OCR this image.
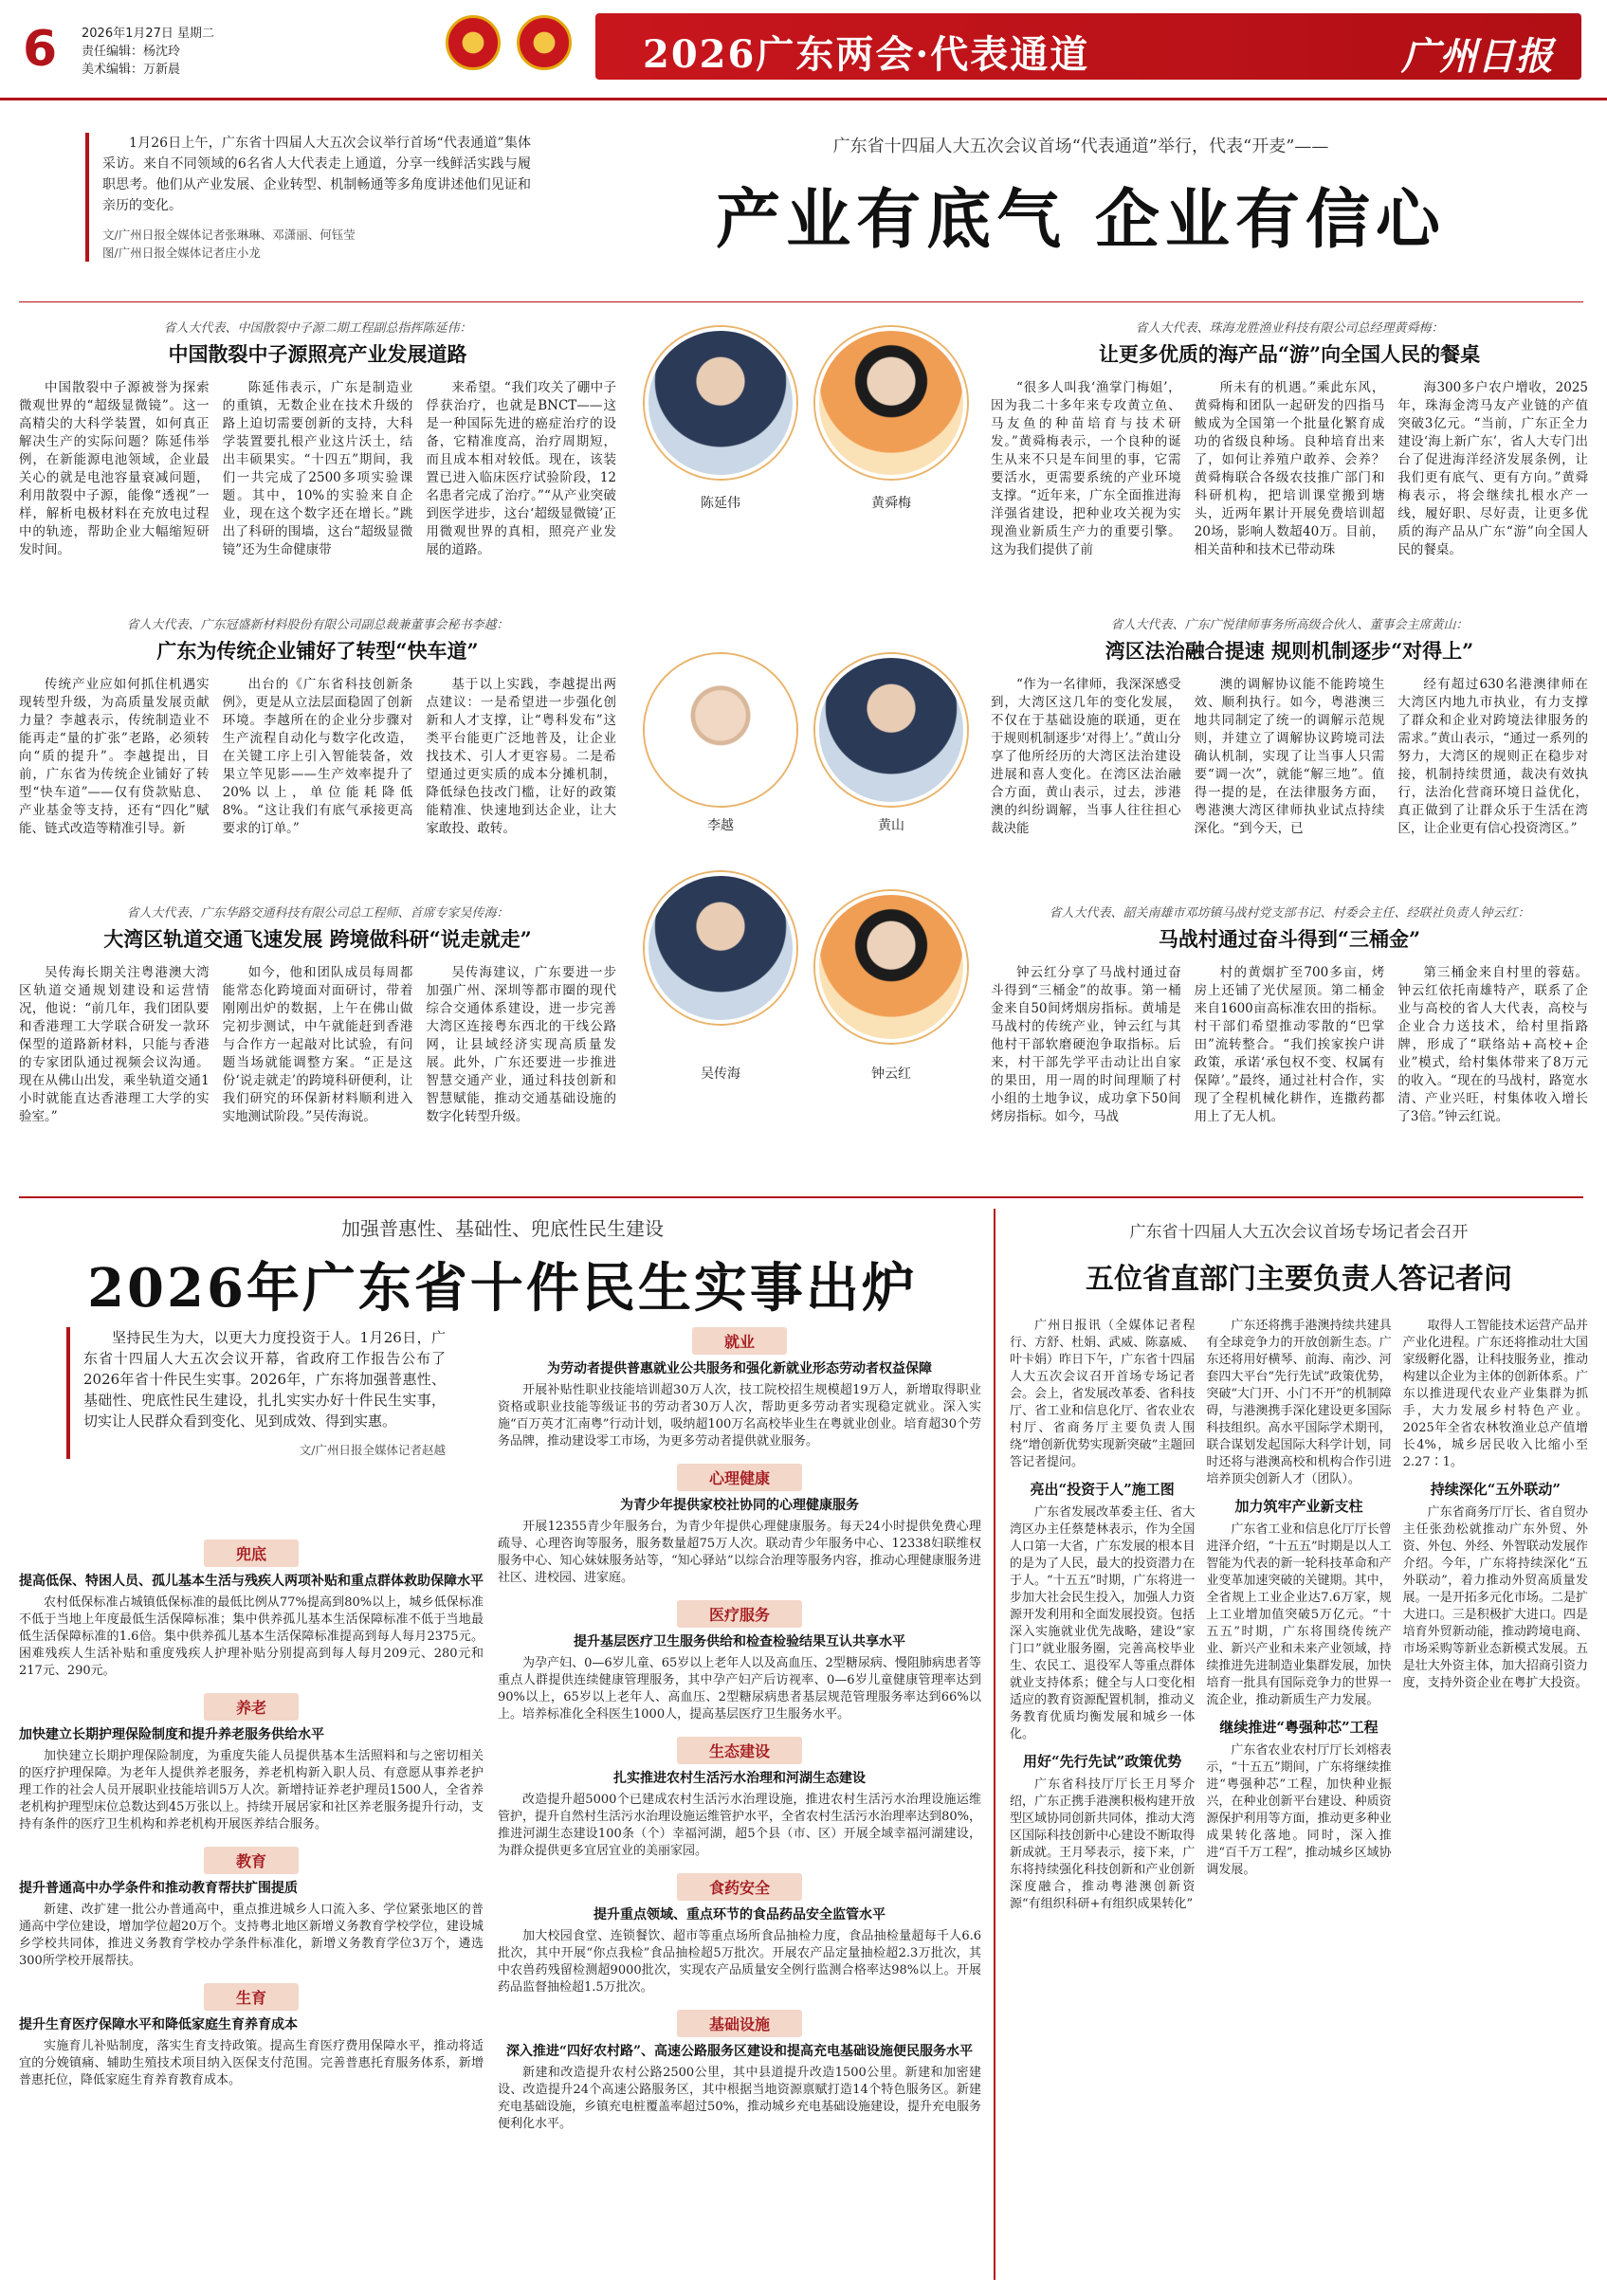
6 2026年1月27日 星期二
责任编辑：杨沈玲
美术编辑：万新晨	2026广东两会·代表通道	广州日报
1月26日上午，广东省十四届人大五次会议举行首场“代表通道”集体采访。来自不同领域的6名省人大代表走上通道，分享一线鲜活实践与履职思考。他们从产业发展、企业转型、机制畅通等多角度讲述他们见证和亲历的变化。
文/广州日报全媒体记者张琳琳、邓潇丽、何钰莹
图/广州日报全媒体记者庄小龙
广东省十四届人大五次会议首场“代表通道”举行，代表“开麦”——
产业有底气 企业有信心
陈延伟	黄舜梅
李越	黄山
吴传海	钟云红
省人大代表、中国散裂中子源二期工程副总指挥陈延伟：
中国散裂中子源照亮产业发展道路

中国散裂中子源被誉为探索微观世界的“超级显微镜”。这一高精尖的大科学装置，如何真正解决生产的实际问题？陈延伟举例，在新能源电池领域，企业最关心的就是电池容量衰减问题，利用散裂中子源，能像“透视”一样，解析电极材料在充放电过程中的轨迹，帮助企业大幅缩短研发时间。

陈延伟表示，广东是制造业的重镇，无数企业在技术升级的路上迫切需要创新的支持，大科学装置要扎根产业这片沃土，结出丰硕果实。“十四五”期间，我们一共完成了2500多项实验课题。其中，10%的实验来自企业，现在这个数字还在增长。”跳出了科研的围墙，这台“超级显微镜”还为生命健康带

来希望。“我们攻关了硼中子俘获治疗，也就是BNCT——这是一种国际先进的癌症治疗的设备，它精准度高，治疗周期短，而且成本相对较低。现在，该装置已进入临床医疗试验阶段，12名患者完成了治疗。”“从产业突破到医学进步，这台‘超级显微镜’正用微观世界的真相，照亮产业发展的道路。

省人大代表、珠海龙胜渔业科技有限公司总经理黄舜梅：
让更多优质的海产品“游”向全国人民的餐桌

“很多人叫我‘渔掌门梅姐’，因为我二十多年来专攻黄立鱼、马友鱼的种苗培育与技术研发。”黄舜梅表示，一个良种的诞生从来不只是车间里的事，它需要活水，更需要系统的产业环境支撑。“近年来，广东全面推进海洋强省建设，把种业攻关视为实现渔业新质生产力的重要引擎。这为我们提供了前

所未有的机遇。”乘此东风，黄舜梅和团队一起研发的四指马鲅成为全国第一个批量化繁育成功的省级良种场。良种培育出来了，如何让养殖户敢养、会养？黄舜梅联合各级农技推广部门和科研机构，把培训课堂搬到塘头，近两年累计开展免费培训超20场，影响人数超40万。目前，相关苗种和技术已带动珠

海300多户农户增收，2025年，珠海金湾马友产业链的产值突破3亿元。“当前，广东正全力建设‘海上新广东’，省人大专门出台了促进海洋经济发展条例，让我们更有底气、更有方向。”黄舜梅表示，将会继续扎根水产一线，履好职、尽好责，让更多优质的海产品从广东“游”向全国人民的餐桌。

省人大代表、广东冠盛新材料股份有限公司副总裁兼董事会秘书李越：
广东为传统企业铺好了转型“快车道”

传统产业应如何抓住机遇实现转型升级，为高质量发展贡献力量？李越表示，传统制造业不能再走“量的扩张”老路，必须转向“质的提升”。李越提出，目前，广东省为传统企业铺好了转型“快车道”——仅有贷款贴息、产业基金等支持，还有“四化”赋能、链式改造等精准引导。新

出台的《广东省科技创新条例》，更是从立法层面稳固了创新环境。李越所在的企业分步骤对生产流程自动化与数字化改造，在关键工序上引入智能装备，效果立竿见影——生产效率提升了20%以上，单位能耗降低8%。“这让我们有底气承接更高要求的订单。”

基于以上实践，李越提出两点建议：一是希望进一步强化创新和人才支撑，让“粤科发布”这类平台能更广泛地普及，让企业找技术、引人才更容易。二是希望通过更实质的成本分摊机制，降低绿色技改门槛，让好的政策能精准、快速地到达企业，让大家敢投、敢转。

省人大代表、广东广悦律师事务所高级合伙人、董事会主席黄山：
湾区法治融合提速 规则机制逐步“对得上”

“作为一名律师，我深深感受到，大湾区这几年的变化发展，不仅在于基础设施的联通，更在于规则机制逐步‘对得上’。”黄山分享了他所经历的大湾区法治建设进展和喜人变化。在湾区法治融合方面，黄山表示，过去，涉港澳的纠纷调解，当事人往往担心裁决能

澳的调解协议能不能跨境生效、顺利执行。如今，粤港澳三地共同制定了统一的调解示范规则，并建立了调解协议跨境司法确认机制，实现了让当事人只需要“调一次”，就能“解三地”。值得一提的是，在法律服务方面，粤港澳大湾区律师执业试点持续深化。“到今天，已

经有超过630名港澳律师在大湾区内地九市执业，有力支撑了群众和企业对跨境法律服务的需求。”黄山表示，“通过一系列的努力，大湾区的规则正在稳步对接，机制持续贯通，裁决有效执行，法治化营商环境日益优化，真正做到了让群众乐于生活在湾区，让企业更有信心投资湾区。”

省人大代表、广东华路交通科技有限公司总工程师、首席专家吴传海：
大湾区轨道交通飞速发展 跨境做科研“说走就走”

吴传海长期关注粤港澳大湾区轨道交通规划建设和运营情况，他说：“前几年，我们团队要和香港理工大学联合研发一款环保型的道路新材料，只能与香港的专家团队通过视频会议沟通。现在从佛山出发，乘坐轨道交通1小时就能直达香港理工大学的实验室。”

如今，他和团队成员每周都能常态化跨境面对面研讨，带着刚刚出炉的数据，上午在佛山做完初步测试，中午就能赶到香港与合作方一起敲对比试验，有问题当场就能调整方案。“正是这份‘说走就走’的跨境科研便利，让我们研究的环保新材料顺利进入实地测试阶段。”吴传海说。

吴传海建议，广东要进一步加强广州、深圳等都市圈的现代综合交通体系建设，进一步完善大湾区连接粤东西北的干线公路网，让县域经济实现高质量发展。此外，广东还要进一步推进智慧交通产业，通过科技创新和智慧赋能，推动交通基础设施的数字化转型升级。

省人大代表、韶关南雄市邓坊镇马战村党支部书记、村委会主任、经联社负责人钟云红：
马战村通过奋斗得到“三桶金”

钟云红分享了马战村通过奋斗得到“三桶金”的故事。第一桶金来自50间烤烟房指标。黄埔是马战村的传统产业，钟云红与其他村干部软磨硬泡争取指标。后来，村干部先学平击动让出自家的果田，用一周的时间理顺了村小组的土地争议，成功拿下50间烤房指标。如今，马战

村的黄烟扩至700多亩，烤房上还铺了光伏屋顶。第二桶金来自1600亩高标准农田的指标。村干部们希望推动零散的“巴掌田”流转整合。“我们挨家挨户讲政策，承诺‘承包权不变、权属有保障’。”最终，通过社村合作，实现了全程机械化耕作，连撒药都用上了无人机。

第三桶金来自村里的蓉菇。钟云红依托南雄特产，联系了企业与高校的省人大代表，高校与企业合力送技术，给村里指路牌，形成了“联络站+高校+企业”模式，给村集体带来了8万元的收入。“现在的马战村，路宽水清、产业兴旺，村集体收入增长了3倍。”钟云红说。

加强普惠性、基础性、兜底性民生建设
2026年广东省十件民生实事出炉
坚持民生为大，以更大力度投资于人。1月26日，广东省十四届人大五次会议开幕，省政府工作报告公布了2026年省十件民生实事。2026年，广东将加强普惠性、基础性、兜底性民生建设，扎扎实实办好十件民生实事，切实让人民群众看到变化、见到成效、得到实惠。
文/广州日报全媒体记者赵越
兜底
提高低保、特困人员、孤儿基本生活与残疾人两项补贴和重点群体救助保障水平
农村低保标准占城镇低保标准的最低比例从77%提高到80%以上，城乡低保标准不低于当地上年度最低生活保障标准；集中供养孤儿基本生活保障标准不低于当地最低生活保障标准的1.6倍。集中供养孤儿基本生活保障标准提高到每人每月2375元。困难残疾人生活补贴和重度残疾人护理补贴分别提高到每人每月209元、280元和217元、290元。
养老
加快建立长期护理保险制度和提升养老服务供给水平
加快建立长期护理保险制度，为重度失能人员提供基本生活照料和与之密切相关的医疗护理保障。为老年人提供养老服务，养老机构新入职人员、有意愿从事养老护理工作的社会人员开展职业技能培训5万人次。新增持证养老护理员1500人，全省养老机构护理型床位总数达到45万张以上。持续开展居家和社区养老服务提升行动，支持有条件的医疗卫生机构和养老机构开展医养结合服务。
教育
提升普通高中办学条件和推动教育帮扶扩围提质
新建、改扩建一批公办普通高中，重点推进城乡人口流入多、学位紧张地区的普通高中学位建设，增加学位超20万个。支持粤北地区新增义务教育学校学位，建设城乡学校共同体，推进义务教育学校办学条件标准化，新增义务教育学位3万个，遴选300所学校开展帮扶。
生育
提升生育医疗保障水平和降低家庭生育养育成本
实施育儿补贴制度，落实生育支持政策。提高生育医疗费用保障水平，推动将适宜的分娩镇痛、辅助生殖技术项目纳入医保支付范围。完善普惠托育服务体系，新增普惠托位，降低家庭生育养育教育成本。
就业
为劳动者提供普惠就业公共服务和强化新就业形态劳动者权益保障
开展补贴性职业技能培训超30万人次，技工院校招生规模超19万人，新增取得职业资格或职业技能等级证书的劳动者30万人次，帮助更多劳动者实现稳定就业。深入实施“百万英才汇南粤”行动计划，吸纳超100万名高校毕业生在粤就业创业。培育超30个劳务品牌，推动建设零工市场，为更多劳动者提供就业服务。
心理健康
为青少年提供家校社协同的心理健康服务
开展12355青少年服务台，为青少年提供心理健康服务。每天24小时提供免费心理疏导、心理咨询等服务，服务数量超75万人次。联动青少年服务中心、12338妇联维权服务中心、知心妹妹服务站等，“知心驿站”以综合治理等服务内容，推动心理健康服务进社区、进校园、进家庭。
医疗服务
提升基层医疗卫生服务供给和检查检验结果互认共享水平
为孕产妇、0—6岁儿童、65岁以上老年人以及高血压、2型糖尿病、慢阻肺病患者等重点人群提供连续健康管理服务，其中孕产妇产后访视率、0—6岁儿童健康管理率达到90%以上，65岁以上老年人、高血压、2型糖尿病患者基层规范管理服务率达到66%以上。培养标准化全科医生1000人，提高基层医疗卫生服务水平。
生态建设
扎实推进农村生活污水治理和河湖生态建设
改造提升超5000个已建成农村生活污水治理设施，推进农村生活污水治理设施运维管护，提升自然村生活污水治理设施运维管护水平，全省农村生活污水治理率达到80%，推进河湖生态建设100条（个）幸福河湖，超5个县（市、区）开展全域幸福河湖建设，为群众提供更多宜居宜业的美丽家园。
食药安全
提升重点领域、重点环节的食品药品安全监管水平
加大校园食堂、连锁餐饮、超市等重点场所食品抽检力度，食品抽检量超每千人6.6批次，其中开展“你点我检”食品抽检超5万批次。开展农产品定量抽检超2.3万批次，其中农兽药残留检测超9000批次，实现农产品质量安全例行监测合格率达98%以上。开展药品监督抽检超1.5万批次。
基础设施
深入推进“四好农村路”、高速公路服务区建设和提高充电基础设施便民服务水平
新建和改造提升农村公路2500公里，其中县道提升改造1500公里。新建和加密建设、改造提升24个高速公路服务区，其中根据当地资源禀赋打造14个特色服务区。新建充电基础设施，乡镇充电桩覆盖率超过50%，推动城乡充电基础设施建设，提升充电服务便利化水平。
广东省十四届人大五次会议首场专场记者会召开
五位省直部门主要负责人答记者问
广州日报讯（全媒体记者程行、方舒、杜娟、武威、陈嘉威、叶卡娟）昨日下午，广东省十四届人大五次会议召开首场专场记者会。会上，省发展改革委、省科技厅、省工业和信息化厅、省农业农村厅、省商务厅主要负责人围绕“增创新优势实现新突破”主题回答记者提问。
亮出“投资于人”施工图
广东省发展改革委主任、省大湾区办主任蔡楚林表示，作为全国人口第一大省，广东发展的根本目的是为了人民，最大的投资潜力在于人。“十五五”时期，广东将进一步加大社会民生投入，加强人力资源开发利用和全面发展投资。包括深入实施就业优先战略，建设“家门口”就业服务圈，完善高校毕业生、农民工、退役军人等重点群体就业支持体系；健全与人口变化相适应的教育资源配置机制，推动义务教育优质均衡发展和城乡一体化。
用好“先行先试”政策优势
广东省科技厅厅长王月琴介绍，广东正携手港澳积极构建开放型区域协同创新共同体，推动大湾区国际科技创新中心建设不断取得新成就。王月琴表示，接下来，广东将持续强化科技创新和产业创新深度融合，推动粤港澳创新资源“有组织科研+有组织成果转化”
广东还将携手港澳持续共建具有全球竞争力的开放创新生态。广东还将用好横琴、前海、南沙、河套四大平台“先行先试”政策优势，突破“大门开、小门不开”的机制障碍，与港澳携手深化建设更多国际科技组织。高水平国际学术期刊，联合谋划发起国际大科学计划，同时还将与港澳高校和机构合作引进培养顶尖创新人才（团队）。
加力筑牢产业新支柱
广东省工业和信息化厅厅长曾进泽介绍，“十五五”时期是以人工智能为代表的新一轮科技革命和产业变革加速突破的关键期。其中，全省规上工业企业达7.6万家，规上工业增加值突破5万亿元。“十五五”时期，广东将围绕传统产业、新兴产业和未来产业领域，持续推进先进制造业集群发展，加快培育一批具有国际竞争力的世界一流企业，推动新质生产力发展。
继续推进“粤强种芯”工程
广东省农业农村厅厅长刘榕表示，“十五五”期间，广东将继续推进“粤强种芯”工程，加快种业振兴，在种业创新平台建设、种质资源保护利用等方面，推动更多种业成果转化落地。同时，深入推进“百千万工程”，推动城乡区域协调发展。
取得人工智能技术运营产品并产业化进程。广东还将推动壮大国家级孵化器，让科技服务业，推动构建以企业为主体的创新体系。广东以推进现代农业产业集群为抓手，大力发展乡村特色产业。2025年全省农林牧渔业总产值增长4%，城乡居民收入比缩小至2.27∶1。
持续深化“五外联动”
广东省商务厅厅长、省自贸办主任张劲松就推动广东外贸、外资、外包、外经、外智联动发展作介绍。今年，广东将持续深化“五外联动”，着力推动外贸高质量发展。一是开拓多元化市场。二是扩大进口。三是积极扩大进口。四是培育外贸新动能，推动跨境电商、市场采购等新业态新模式发展。五是壮大外资主体，加大招商引资力度，支持外资企业在粤扩大投资。
